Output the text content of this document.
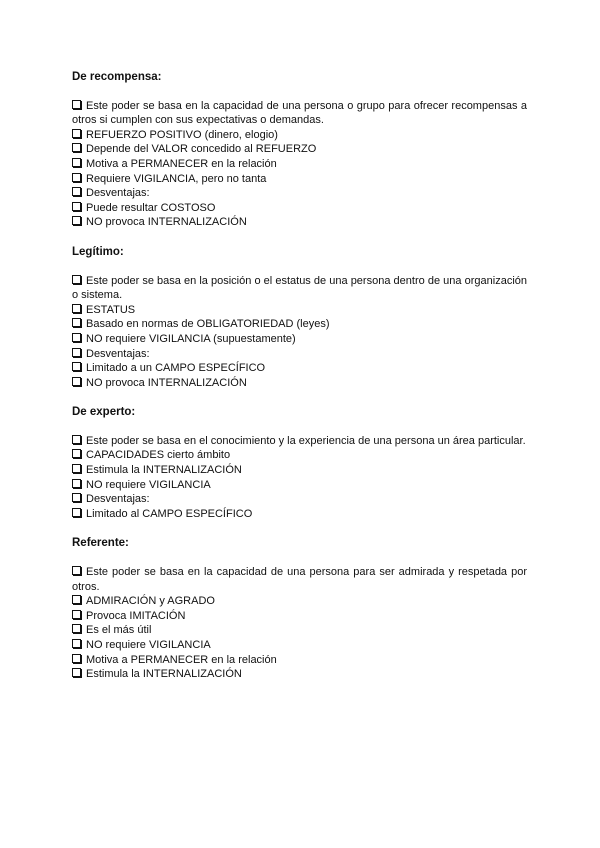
De recompensa:

Este poder se basa en la capacidad de una persona o grupo para ofrecer recompensas a otros si cumplen con sus expectativas o demandas.

REFUERZO POSITIVO (dinero, elogio)

Depende del VALOR concedido al REFUERZO

Motiva a PERMANECER en la relación

Requiere VIGILANCIA, pero no tanta

Desventajas:

Puede resultar COSTOSO

NO provoca INTERNALIZACIÓN

Legítimo:

Este poder se basa en la posición o el estatus de una persona dentro de una organización o sistema.

ESTATUS

Basado en normas de OBLIGATORIEDAD (leyes)

NO requiere VIGILANCIA (supuestamente)

Desventajas:

Limitado a un CAMPO ESPECÍFICO

NO provoca INTERNALIZACIÓN

De experto:

Este poder se basa en el conocimiento y la experiencia de una persona un área particular.

CAPACIDADES cierto ámbito

Estimula la INTERNALIZACIÓN

NO requiere VIGILANCIA

Desventajas:

Limitado al CAMPO ESPECÍFICO

Referente:

Este poder se basa en la capacidad de una persona para ser admirada y respetada por otros.

ADMIRACIÓN y AGRADO

Provoca IMITACIÓN

Es el más útil

NO requiere VIGILANCIA

Motiva a PERMANECER en la relación

Estimula la INTERNALIZACIÓN
